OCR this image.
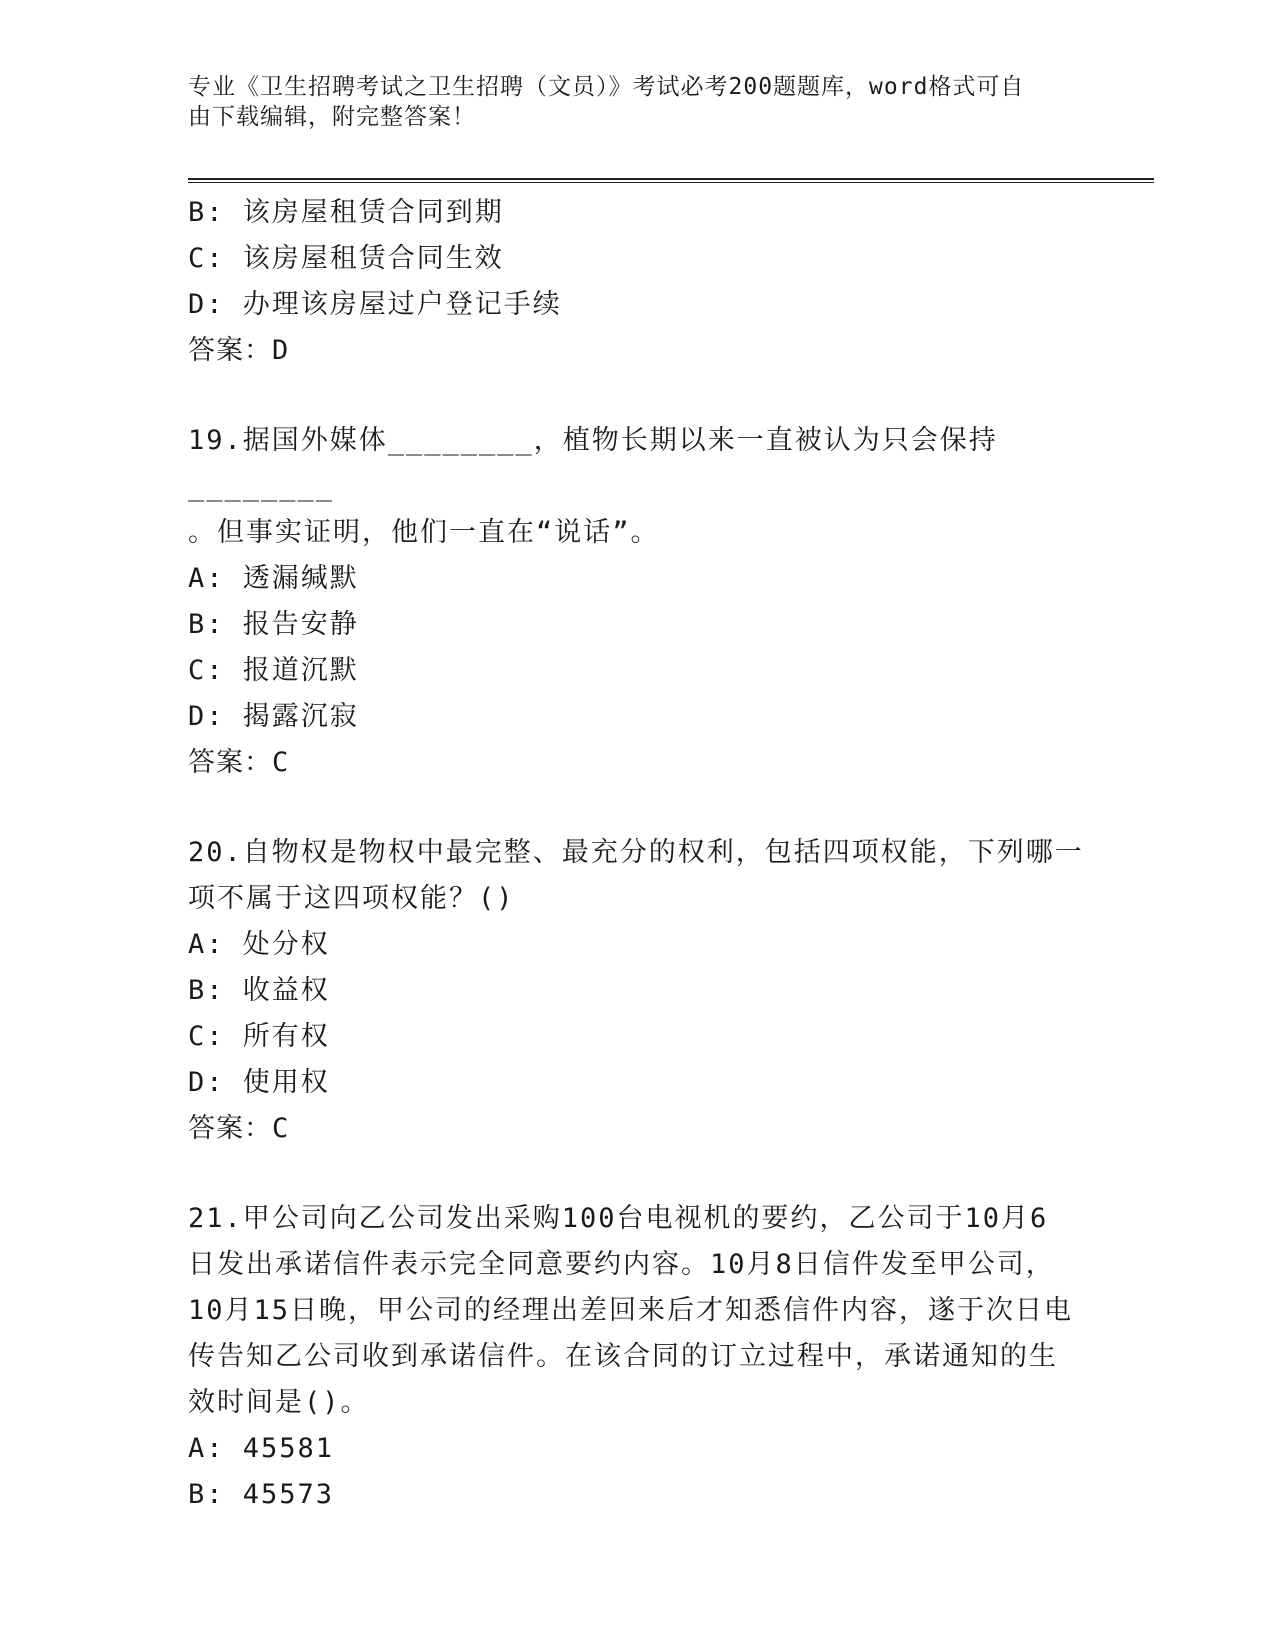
专业《卫生招聘考试之卫生招聘（文员）》考试必考200题题库，word格式可自
由下载编辑，附完整答案！
B: 该房屋租赁合同到期
C: 该房屋租赁合同生效
D: 办理该房屋过户登记手续
答案：D
19.据国外媒体________，植物长期以来一直被认为只会保持________
。但事实证明，他们一直在“说话”。
A: 透漏缄默
B: 报告安静
C: 报道沉默
D: 揭露沉寂
答案：C
20.自物权是物权中最完整、最充分的权利，包括四项权能，下列哪一
项不属于这四项权能？()
A: 处分权
B: 收益权
C: 所有权
D: 使用权
答案：C
21.甲公司向乙公司发出采购100台电视机的要约，乙公司于10月6
日发出承诺信件表示完全同意要约内容。10月8日信件发至甲公司，
10月15日晚，甲公司的经理出差回来后才知悉信件内容，遂于次日电
传告知乙公司收到承诺信件。在该合同的订立过程中，承诺通知的生
效时间是()。
A: 45581
B: 45573
